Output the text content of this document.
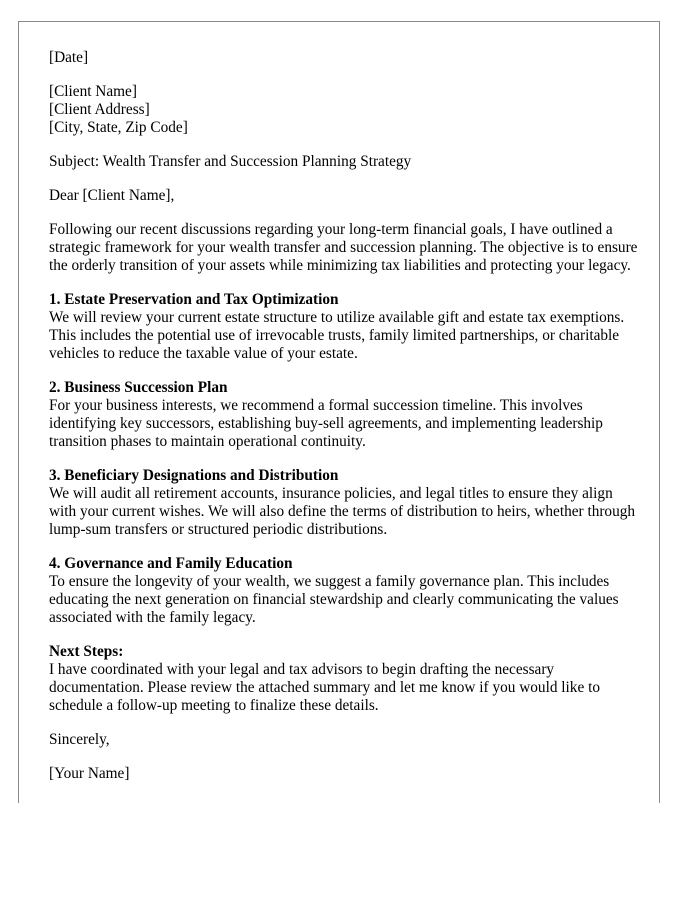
[Date]

[Client Name]
[Client Address]
[City, State, Zip Code]

Subject: Wealth Transfer and Succession Planning Strategy

Dear [Client Name],

Following our recent discussions regarding your long-term financial goals, I have outlined a strategic framework for your wealth transfer and succession planning. The objective is to ensure the orderly transition of your assets while minimizing tax liabilities and protecting your legacy.

1. Estate Preservation and Tax Optimization
We will review your current estate structure to utilize available gift and estate tax exemptions. This includes the potential use of irrevocable trusts, family limited partnerships, or charitable vehicles to reduce the taxable value of your estate.
2. Business Succession Plan
For your business interests, we recommend a formal succession timeline. This involves identifying key successors, establishing buy-sell agreements, and implementing leadership transition phases to maintain operational continuity.
3. Beneficiary Designations and Distribution
We will audit all retirement accounts, insurance policies, and legal titles to ensure they align with your current wishes. We will also define the terms of distribution to heirs, whether through lump-sum transfers or structured periodic distributions.
4. Governance and Family Education
To ensure the longevity of your wealth, we suggest a family governance plan. This includes educating the next generation on financial stewardship and clearly communicating the values associated with the family legacy.
Next Steps:
I have coordinated with your legal and tax advisors to begin drafting the necessary documentation. Please review the attached summary and let me know if you would like to schedule a follow-up meeting to finalize these details.

Sincerely,

[Your Name]
